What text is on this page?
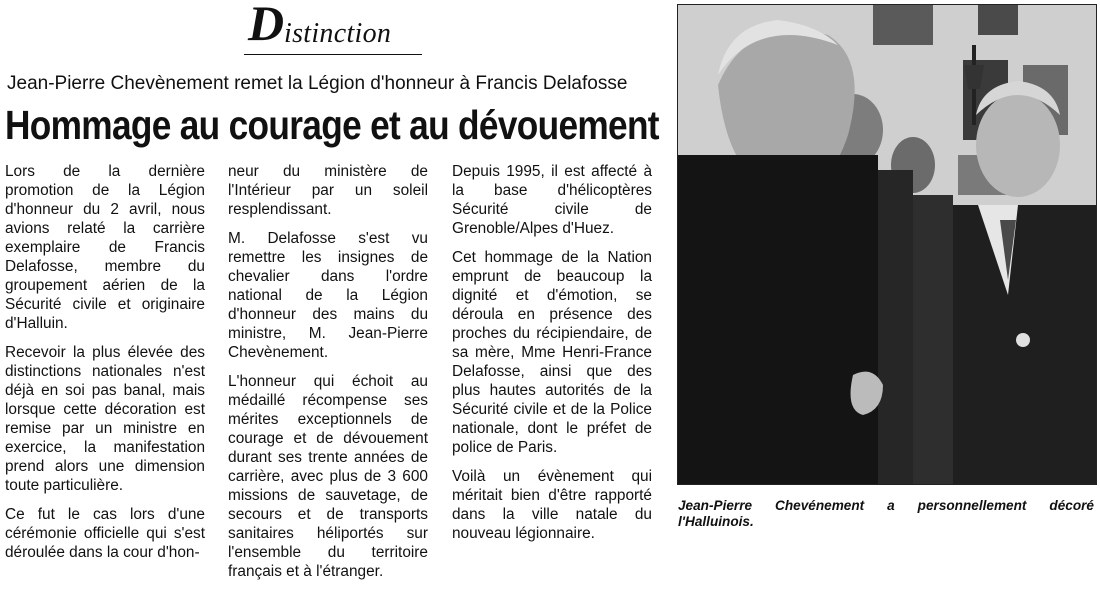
D istinction
Jean-Pierre Chevènement remet la Légion d'honneur à Francis Delafosse
Hommage au courage et au dévouement

Lors de la dernière promotion de la Légion d'honneur du 2 avril, nous avions relaté la carrière exemplaire de Francis Delafosse, membre du groupement aérien de la Sécurité civile et originaire d'Halluin.

Recevoir la plus élevée des distinctions nationales n'est déjà en soi pas banal, mais lorsque cette décoration est remise par un ministre en exercice, la manifestation prend alors une dimension toute particulière.

Ce fut le cas lors d'une cérémonie officielle qui s'est déroulée dans la cour d'hon-

neur du ministère de l'Intérieur par un soleil resplendissant.

M. Delafosse s'est vu remettre les insignes de chevalier dans l'ordre national de la Légion d'honneur des mains du ministre, M. Jean-Pierre Chevènement.

L'honneur qui échoit au médaillé récompense ses mérites exceptionnels de courage et de dévouement durant ses trente années de carrière, avec plus de 3 600 missions de sauvetage, de secours et de transports sanitaires héliportés sur l'ensemble du territoire français et à l'étranger.

Depuis 1995, il est affecté à la base d'hélicoptères Sécurité civile de Grenoble/Alpes d'Huez.

Cet hommage de la Nation emprunt de beaucoup la dignité et d'émotion, se déroula en présence des proches du récipiendaire, de sa mère, Mme Henri-France Delafosse, ainsi que des plus hautes autorités de la Sécurité civile et de la Police nationale, dont le préfet de police de Paris.

Voilà un évènement qui méritait bien d'être rapporté dans la ville natale du nouveau légionnaire.

Jean-Pierre Chevénement a personnellement décoré l'Halluinois.
